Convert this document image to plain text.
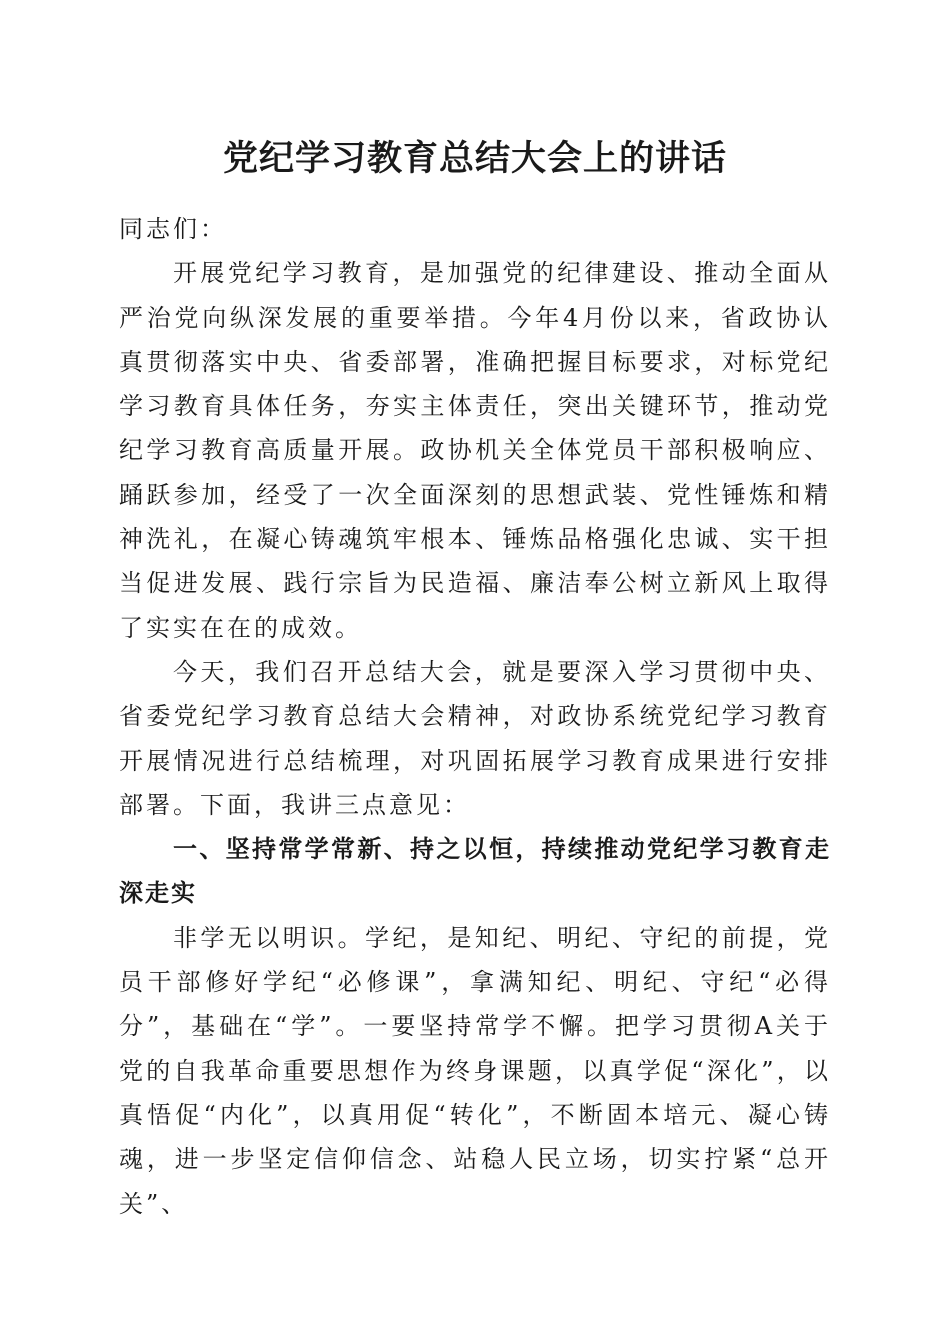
党纪学习教育总结大会上的讲话

同志们：

开展党纪学习教育，是加强党的纪律建设、推动全面从严治党向纵深发展的重要举措。今年4月份以来，省政协认真贯彻落实中央、省委部署，准确把握目标要求，对标党纪学习教育具体任务，夯实主体责任，突出关键环节，推动党纪学习教育高质量开展。政协机关全体党员干部积极响应、踊跃参加，经受了一次全面深刻的思想武装、党性锤炼和精神洗礼，在凝心铸魂筑牢根本、锤炼品格强化忠诚、实干担当促进发展、践行宗旨为民造福、廉洁奉公树立新风上取得了实实在在的成效。

今天，我们召开总结大会，就是要深入学习贯彻中央、省委党纪学习教育总结大会精神，对政协系统党纪学习教育开展情况进行总结梳理，对巩固拓展学习教育成果进行安排部署。下面，我讲三点意见：

一、坚持常学常新、持之以恒，持续推动党纪学习教育走深走实

非学无以明识。学纪，是知纪、明纪、守纪的前提，党员干部修好学纪“必修课”，拿满知纪、明纪、守纪“必得分”，基础在“学”。一要坚持常学不懈。把学习贯彻A关于党的自我革命重要思想作为终身课题，以真学促“深化”，以真悟促“内化”，以真用促“转化”，不断固本培元、凝心铸魂，进一步坚定信仰信念、站稳人民立场，切实拧紧“总开关”、
